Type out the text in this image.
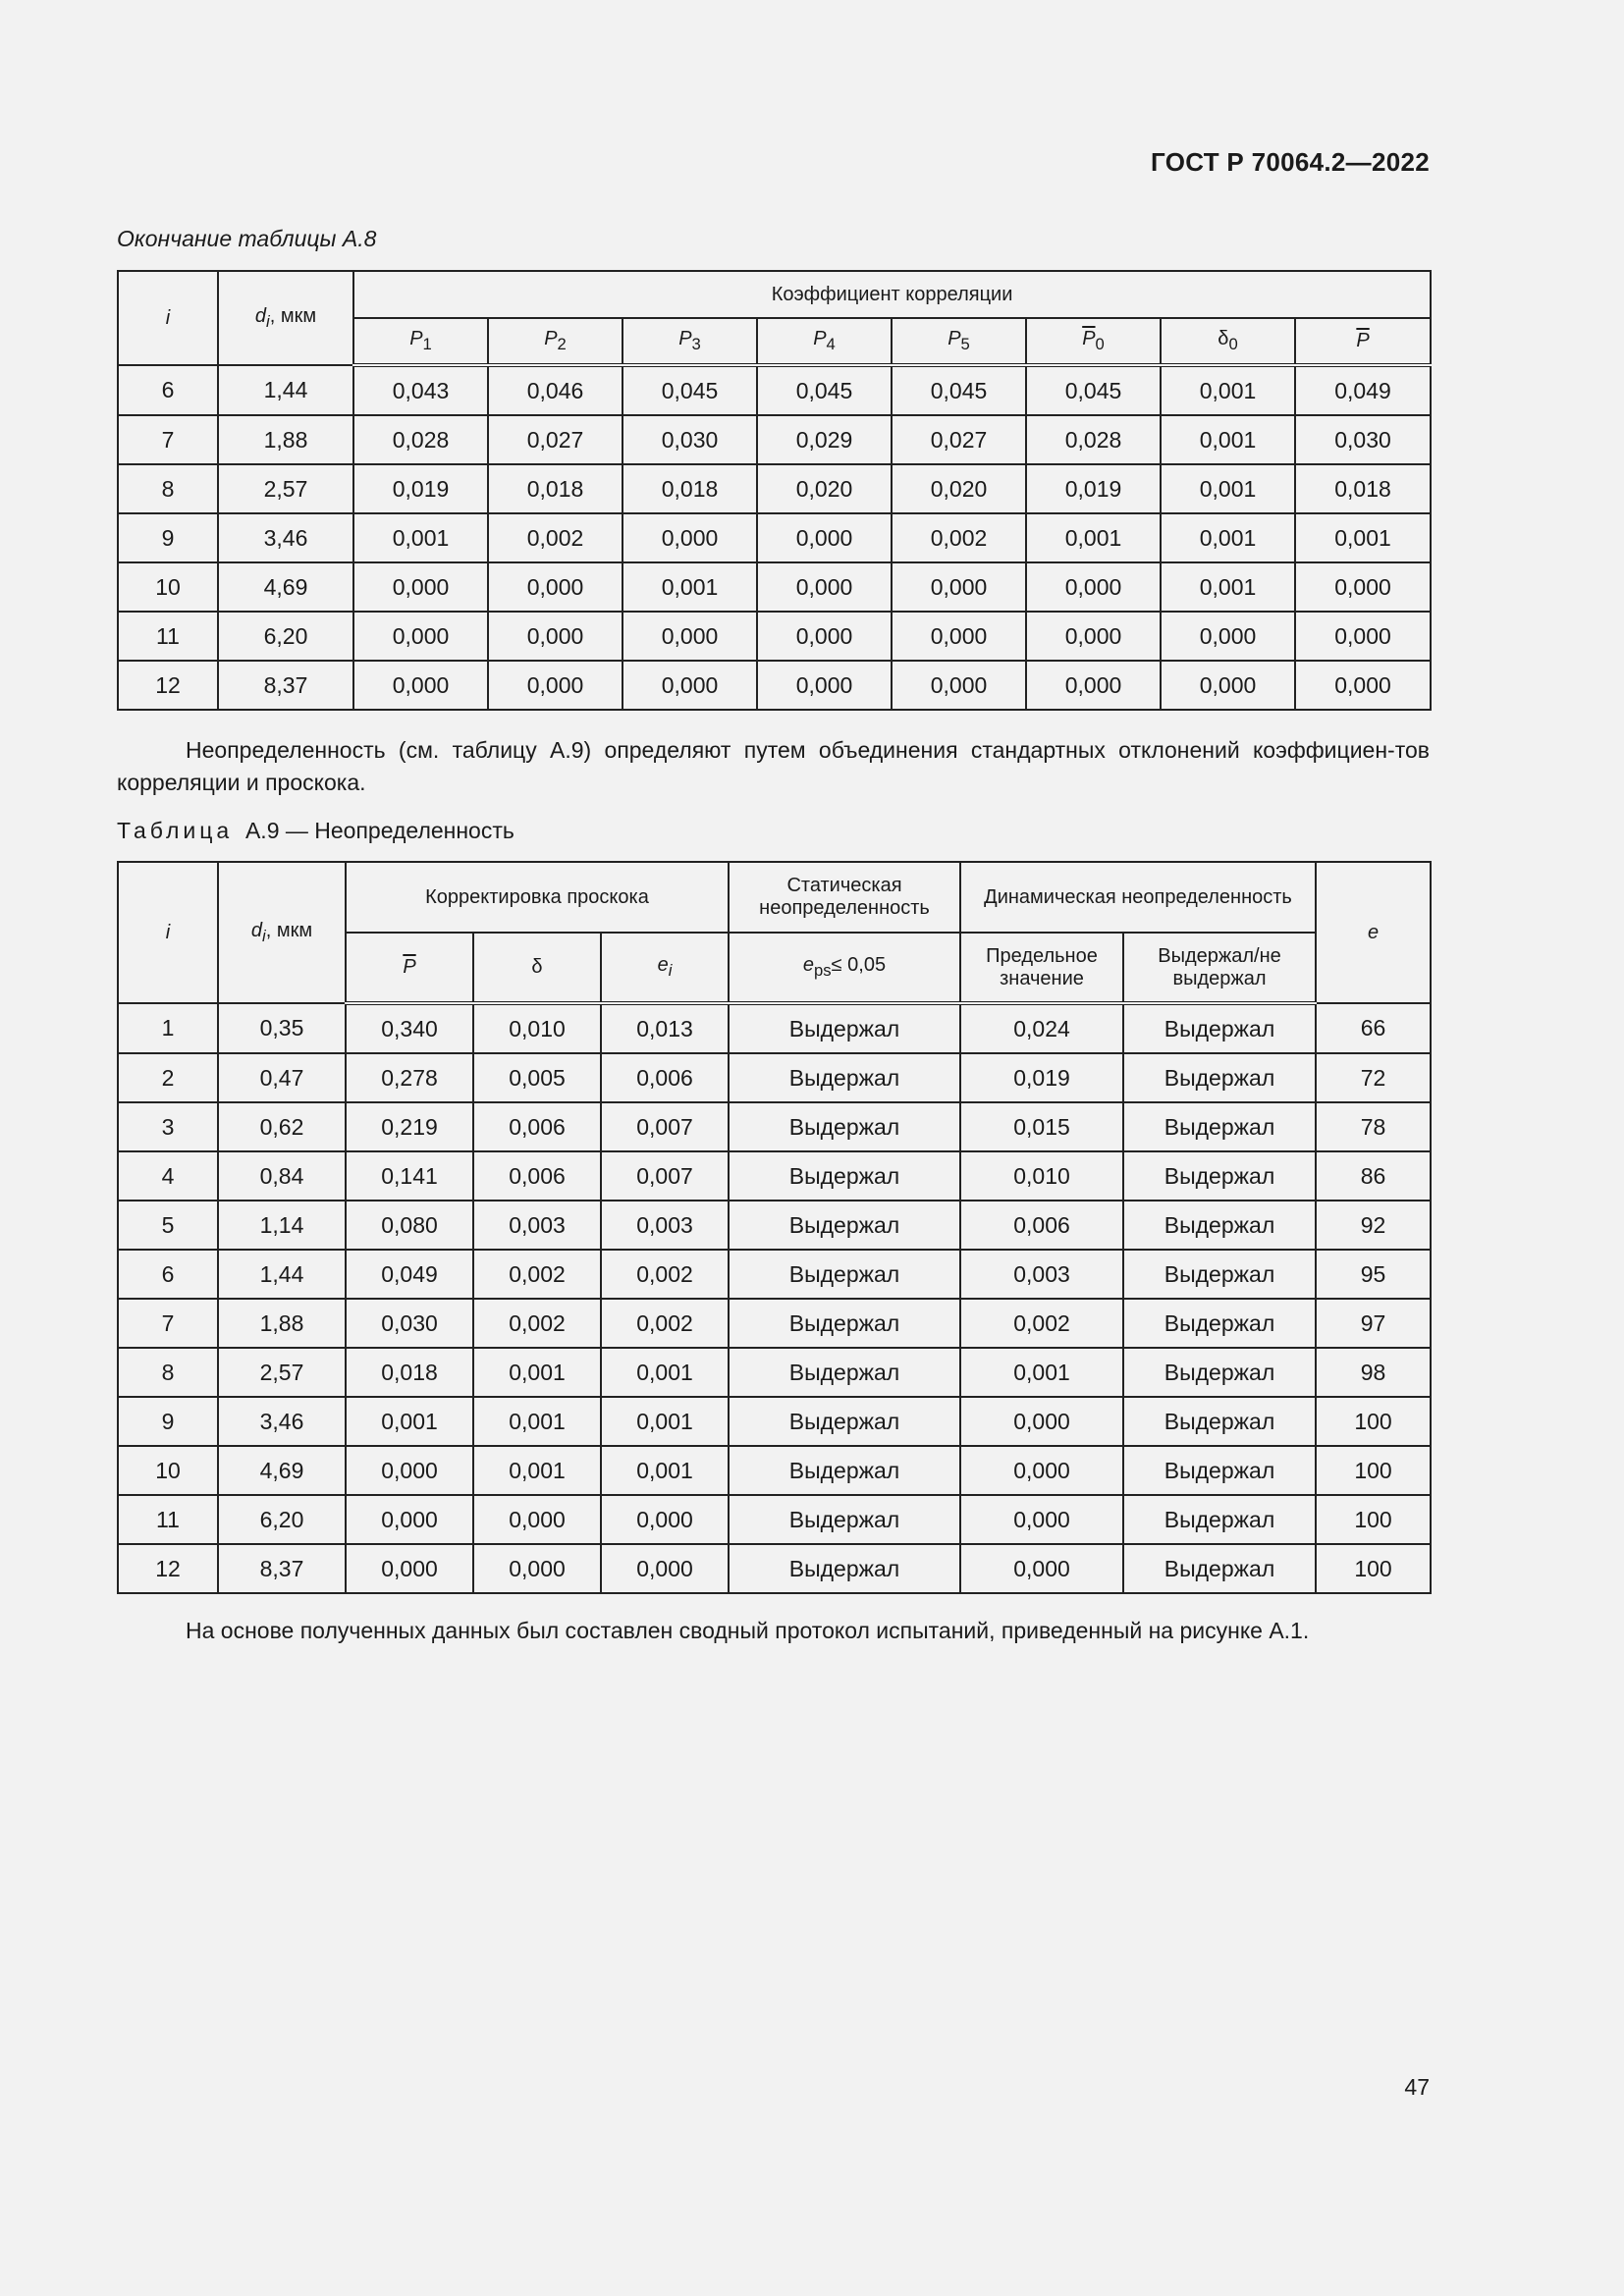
ГОСТ Р 70064.2—2022
Окончание таблицы А.8
i	$d_i$, мкм	Коэффициент корреляции							
		$P_1$	$P_2$	$P_3$	$P_4$	$P_5$	$\overline{P}_0$	$\delta_0$	$\overline{P}$
6	1,44	0,043	0,046	0,045	0,045	0,045	0,045	0,001	0,049
7	1,88	0,028	0,027	0,030	0,029	0,027	0,028	0,001	0,030
8	2,57	0,019	0,018	0,018	0,020	0,020	0,019	0,001	0,018
9	3,46	0,001	0,002	0,000	0,000	0,002	0,001	0,001	0,001
10	4,69	0,000	0,000	0,001	0,000	0,000	0,000	0,001	0,000
11	6,20	0,000	0,000	0,000	0,000	0,000	0,000	0,000	0,000
12	8,37	0,000	0,000	0,000	0,000	0,000	0,000	0,000	0,000
Неопределенность (см. таблицу А.9) определяют путем объединения стандартных отклонений коэффициен-тов корреляции и проскока.
Таблица А.9 — Неопределенность
i	$d_i$, мкм	Корректировка проскока			Статическая неопределенность	Динамическая неопределенность		e
		$\overline{P}$	δ	$e_i$	$e_{ps}\le 0,05$	Предельное значение	Выдержал/не выдержал	
1	0,35	0,340	0,010	0,013	Выдержал	0,024	Выдержал	66
2	0,47	0,278	0,005	0,006	Выдержал	0,019	Выдержал	72
3	0,62	0,219	0,006	0,007	Выдержал	0,015	Выдержал	78
4	0,84	0,141	0,006	0,007	Выдержал	0,010	Выдержал	86
5	1,14	0,080	0,003	0,003	Выдержал	0,006	Выдержал	92
6	1,44	0,049	0,002	0,002	Выдержал	0,003	Выдержал	95
7	1,88	0,030	0,002	0,002	Выдержал	0,002	Выдержал	97
8	2,57	0,018	0,001	0,001	Выдержал	0,001	Выдержал	98
9	3,46	0,001	0,001	0,001	Выдержал	0,000	Выдержал	100
10	4,69	0,000	0,001	0,001	Выдержал	0,000	Выдержал	100
11	6,20	0,000	0,000	0,000	Выдержал	0,000	Выдержал	100
12	8,37	0,000	0,000	0,000	Выдержал	0,000	Выдержал	100
На основе полученных данных был составлен сводный протокол испытаний, приведенный на рисунке А.1.
47
